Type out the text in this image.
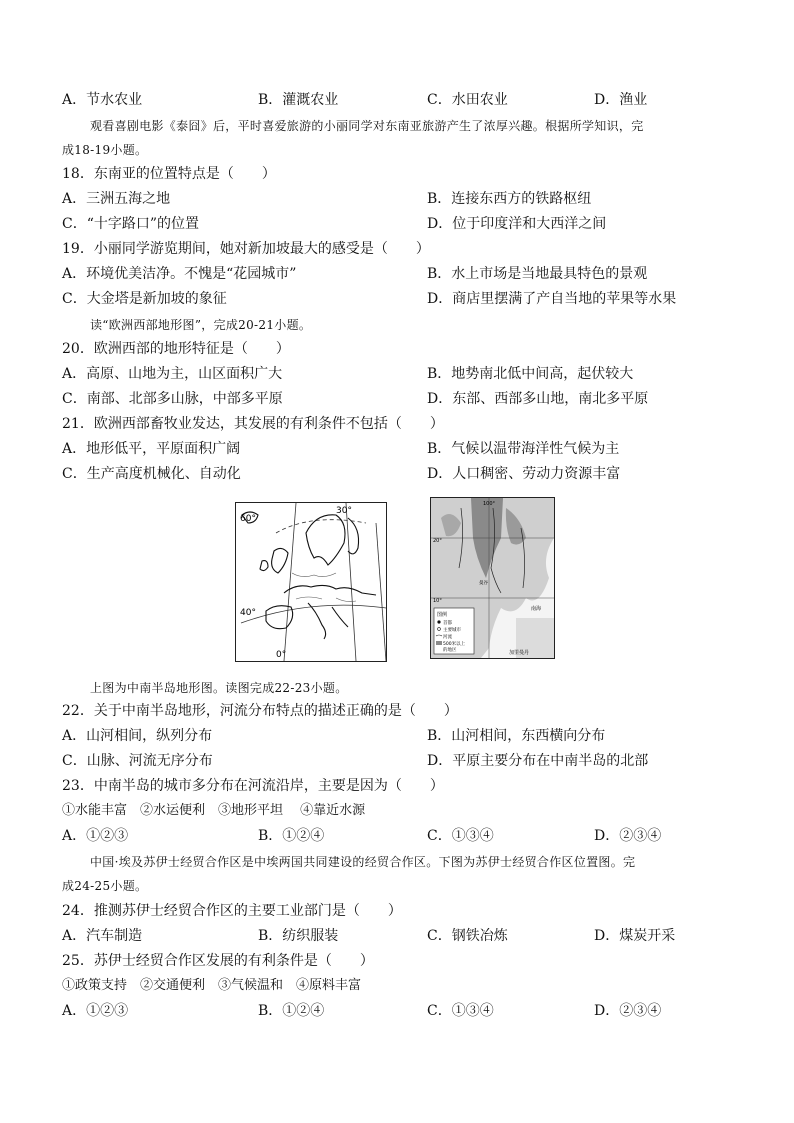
A．节水农业	B．灌溉农业	C．水田农业	D．渔业
观看喜剧电影《泰囧》后，平时喜爱旅游的小丽同学对东南亚旅游产生了浓厚兴趣。根据所学知识，完
成18-19小题。
18．东南亚的位置特点是（　　）
A．三洲五海之地	B．连接东西方的铁路枢纽
C．“十字路口”的位置	D．位于印度洋和大西洋之间
19．小丽同学游览期间，她对新加坡最大的感受是（　　）
A．环境优美洁净。不愧是“花园城市”	B．水上市场是当地最具特色的景观
C．大金塔是新加坡的象征	D．商店里摆满了产自当地的苹果等水果
读“欧洲西部地形图”，完成20-21小题。
20．欧洲西部的地形特征是（　　）
A．高原、山地为主，山区面积广大	B．地势南北低中间高，起伏较大
C．南部、北部多山脉，中部多平原	D．东部、西部多山地，南北多平原
21．欧洲西部畜牧业发达，其发展的有利条件不包括（　　）
A．地形低平，平原面积广阔	B．气候以温带海洋性气候为主
C．生产高度机械化、自动化	D．人口稠密、劳动力资源丰富
60°
30°
40°
0°
图例
首都
主要城市
河流
500米以上
的地区
100°
20°
10°
曼谷
加里曼丹
南海
上图为中南半岛地形图。读图完成22-23小题。
22．关于中南半岛地形，河流分布特点的描述正确的是（　　）
A．山河相间，纵列分布	B．山河相间，东西横向分布
C．山脉、河流无序分布	D．平原主要分布在中南半岛的北部
23．中南半岛的城市多分布在河流沿岸，主要是因为（　　）
①水能丰富　②水运便利　③地形平坦　 ④靠近水源
A．①②③	B．①②④	C．①③④	D．②③④
中国·埃及苏伊士经贸合作区是中埃两国共同建设的经贸合作区。下图为苏伊士经贸合作区位置图。完
成24-25小题。
24．推测苏伊士经贸合作区的主要工业部门是（　　）
A．汽车制造	B．纺织服装	C．钢铁冶炼	D．煤炭开采
25．苏伊士经贸合作区发展的有利条件是（　　）
①政策支持　②交通便利　③气候温和　④原料丰富
A．①②③	B．①②④	C．①③④	D．②③④
